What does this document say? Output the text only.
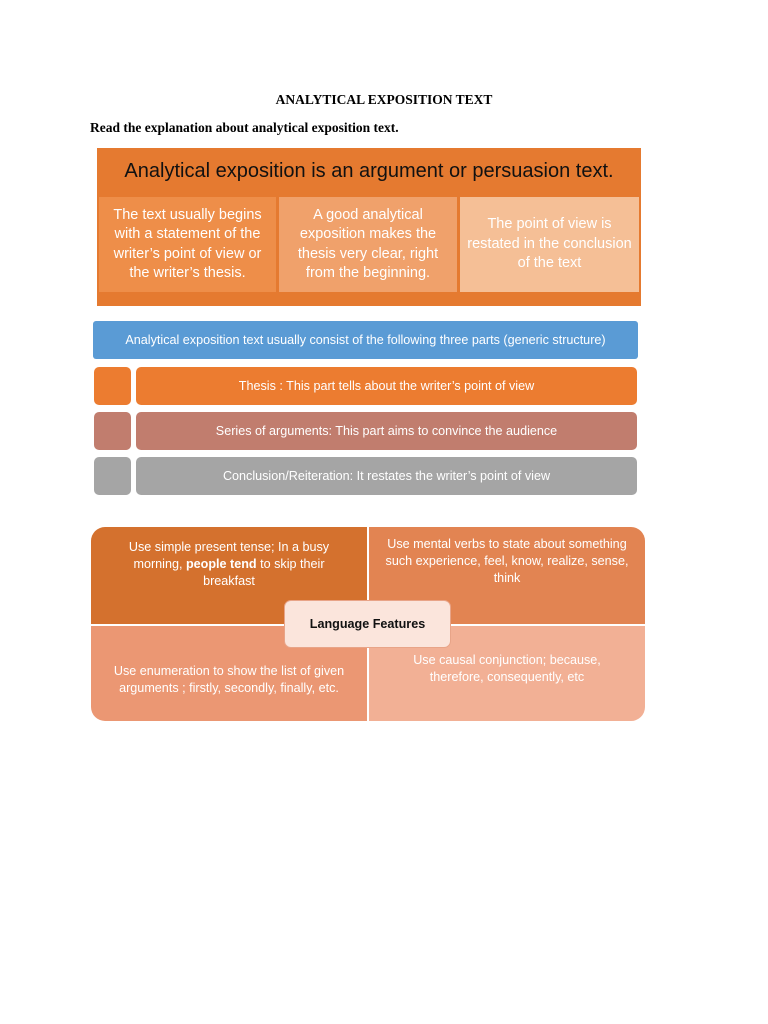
ANALYTICAL EXPOSITION TEXT
Read the explanation about analytical exposition text.
Analytical exposition is an argument or persuasion text.
The text usually begins with a statement of the writer’s point of view or the writer’s thesis.
A good analytical exposition makes the thesis very clear, right from the beginning.
The point of view is restated in the conclusion of the text
Analytical exposition text usually consist of the following three parts (generic structure)
Thesis : This part tells about the writer’s point of view
Series of arguments: This part aims to convince the audience
Conclusion/Reiteration: It restates the writer’s point of view
Use simple present tense; In a busy morning, people tend to skip their breakfast
Use mental verbs to state about something such experience, feel, know, realize, sense, think
Use enumeration to show the list of given arguments ; firstly, secondly, finally, etc.
Use causal conjunction; because, therefore, consequently, etc
Language Features
